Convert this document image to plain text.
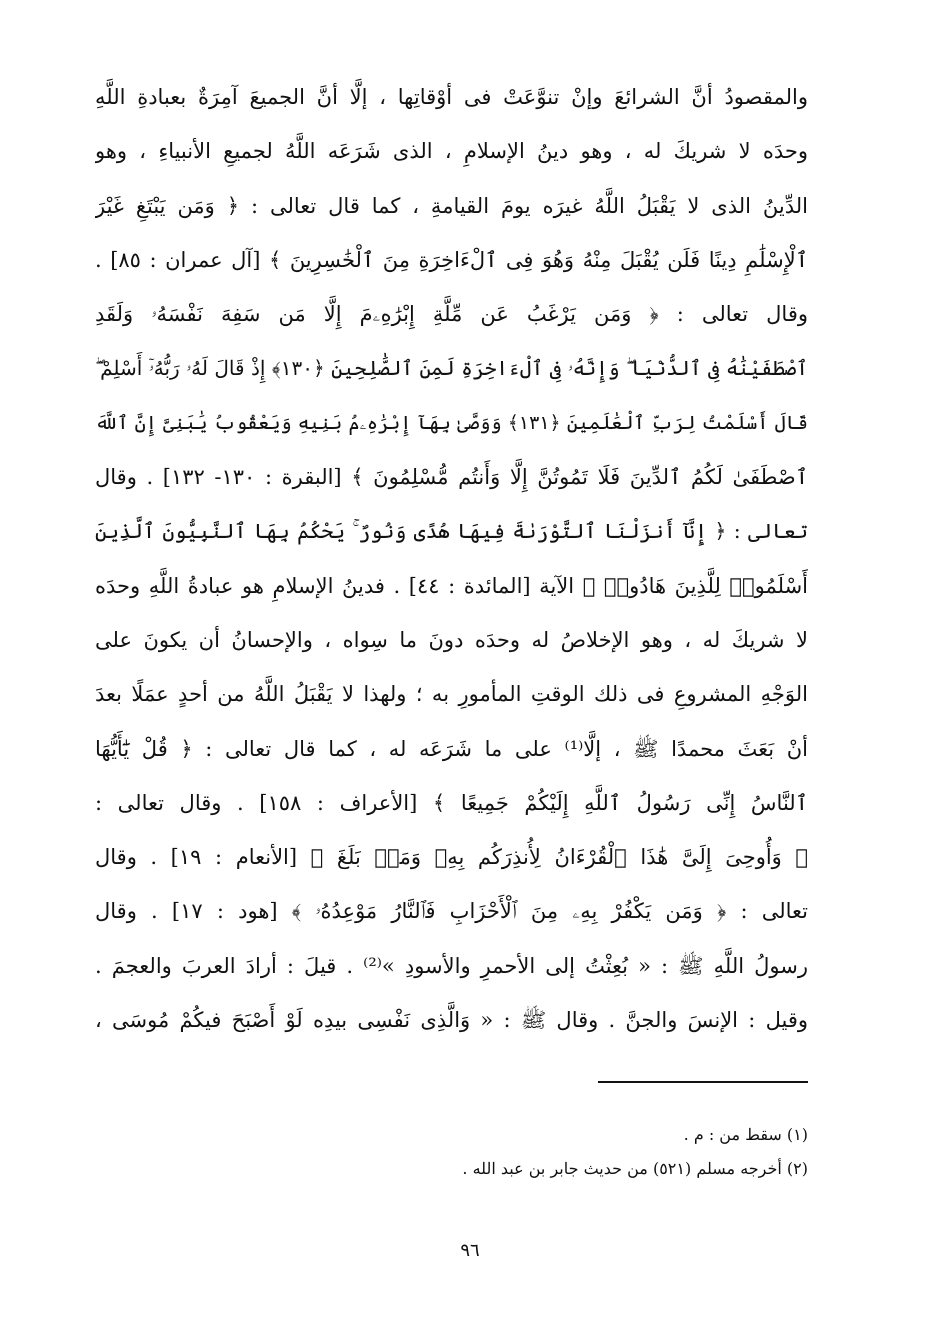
والمقصودُ أنَّ الشرائعَ وإنْ تنوَّعَتْ فى أوْقاتِها ، إلَّا أنَّ الجميعَ آمِرَةٌ بعبادةِ اللَّهِ
وحدَه لا شريكَ له ، وهو دينُ الإسلامِ ، الذى شَرَعَه اللَّهُ لجميعِ الأنبياءِ ، وهو
الدِّينُ الذى لا يَقْبَلُ اللَّهُ غيرَه يومَ القيامةِ ، كما قال تعالى : ﴿ وَمَن يَبْتَغِ غَيْرَ
ٱلْإِسْلَٰمِ دِينًا فَلَن يُقْبَلَ مِنْهُ وَهُوَ فِى ٱلْءَاخِرَةِ مِنَ ٱلْخَٰسِرِينَ ﴾ [آل عمران : ٨٥] .
وقال تعالى : ﴿ وَمَن يَرْغَبُ عَن مِّلَّةِ إِبْرَٰهِۦمَ إِلَّا مَن سَفِهَ نَفْسَهُۥ وَلَقَدِ
ٱصْطَفَيْنَٰهُ فِى ٱلدُّنْيَا ۖ وَإِنَّهُۥ فِى ٱلْءَاخِرَةِ لَمِنَ ٱلصَّٰلِحِينَ ﴿١٣٠﴾ إِذْ قَالَ لَهُۥ رَبُّهُۥٓ أَسْلِمْ ۖ
قَالَ أَسْلَمْتُ لِرَبِّ ٱلْعَٰلَمِينَ ﴿١٣١﴾ وَوَصَّىٰ بِهَآ إِبْرَٰهِۦمُ بَنِيهِ وَيَعْقُوبُ يَٰبَنِىَّ إِنَّ ٱللَّهَ
ٱصْطَفَىٰ لَكُمُ ٱلدِّينَ فَلَا تَمُوتُنَّ إِلَّا وَأَنتُم مُّسْلِمُونَ ﴾ [البقرة : ١٣٠- ١٣٢] . وقال
تعالى : ﴿ إِنَّآ أَنزَلْنَا ٱلتَّوْرَىٰةَ فِيهَا هُدًى وَنُورٌ ۚ يَحْكُمُ بِهَا ٱلنَّبِيُّونَ ٱلَّذِينَ
أَسْلَمُوا۟ لِلَّذِينَ هَادُوا۟ ﴾ الآية [المائدة : ٤٤] . فدينُ الإسلامِ هو عبادةُ اللَّهِ وحدَه
لا شريكَ له ، وهو الإخلاصُ له وحدَه دونَ ما سِواه ، والإحسانُ أن يكونَ على
الوَجْهِ المشروعِ فى ذلك الوقتِ المأمورِ به ؛ ولهذا لا يَقْبَلُ اللَّهُ من أحدٍ عمَلًا بعدَ
أنْ بَعَثَ محمدًا ﷺ ، إلَّا⁽¹⁾ على ما شَرَعَه له ، كما قال تعالى : ﴿ قُلْ يَٰٓأَيُّهَا
ٱلنَّاسُ إِنِّى رَسُولُ ٱللَّهِ إِلَيْكُمْ جَمِيعًا ﴾ [الأعراف : ١٥٨] . وقال تعالى :
﴿ وَأُوحِىَ إِلَىَّ هَٰذَا ٱلْقُرْءَانُ لِأُنذِرَكُم بِهِۦ وَمَنۢ بَلَغَ ﴾ [الأنعام : ١٩] . وقال
تعالى : ﴿ وَمَن يَكْفُرْ بِهِۦ مِنَ ٱلْأَحْزَابِ فَٱلنَّارُ مَوْعِدُهُۥ ﴾ [هود : ١٧] . وقال
رسولُ اللَّهِ ﷺ : « بُعِثْتُ إلى الأحمرِ والأسودِ »⁽²⁾ . قيلَ : أرادَ العربَ والعجمَ .
وقيل : الإنسَ والجنَّ . وقال ﷺ : « وَالَّذِى نَفْسِى بيدِه لَوْ أَصْبَحَ فيكُمْ مُوسَى ،
(١) سقط من : م .
(٢) أخرجه مسلم (٥٢١) من حديث جابر بن عبد الله .
٩٦
